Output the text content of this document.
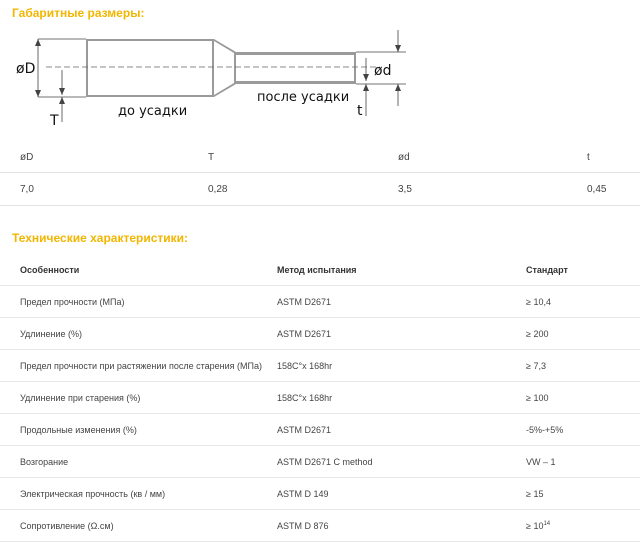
Габаритные размеры:
øD
T
ød
t
до усадки
после усадки
øD	T	ød	t
7,0	0,28	3,5	0,45
Технические характеристики:
Особенности	Метод испытания	Стандарт
Предел прочности (МПа)	ASTM D2671	≥ 10,4
Удлинение (%)	ASTM D2671	≥ 200
Предел прочности при растяжении после старения (МПа)	158С°х 168hr	≥ 7,3
Удлинение при старения (%)	158С°х 168hr	≥ 100
Продольные изменения (%)	ASTM D2671	-5%-+5%
Возгорание	ASTM D2671 C method	VW – 1
Электрическая прочность (кв / мм)	ASTM D 149	≥ 15
Сопротивление (Ω.cм)	ASTM D 876	≥ $10^{14}$
